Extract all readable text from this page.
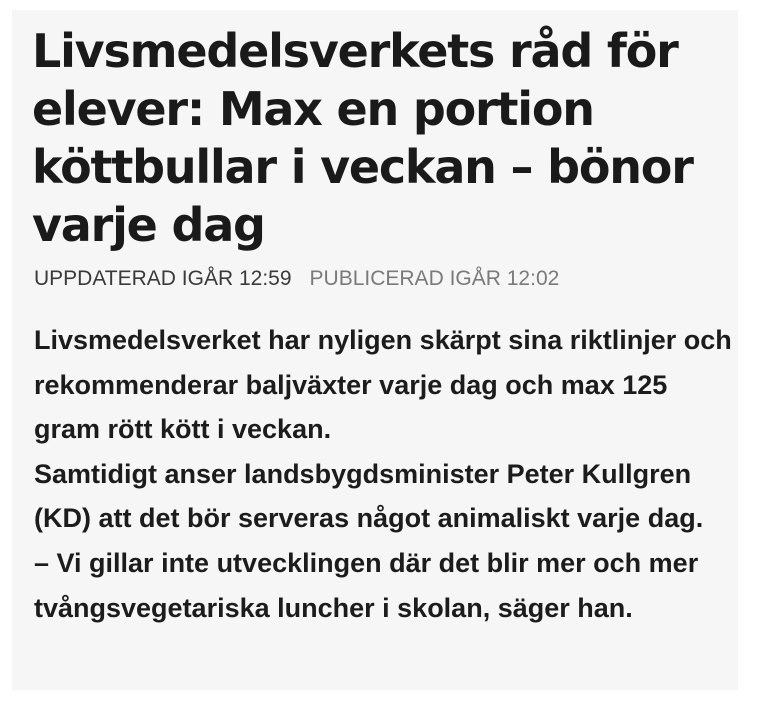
Livsmedelsverkets råd för elever: Max en portion köttbullar i veckan – bönor varje dag
UPPDATERAD IGÅR 12:59 PUBLICERAD IGÅR 12:02

Livsmedelsverket har nyligen skärpt sina riktlinjer och rekommenderar baljväxter varje dag och max 125 gram rött kött i veckan.

Samtidigt anser landsbygdsminister Peter Kullgren (KD) att det bör serveras något animaliskt varje dag.

– Vi gillar inte utvecklingen där det blir mer och mer tvångsvegetariska luncher i skolan, säger han.
